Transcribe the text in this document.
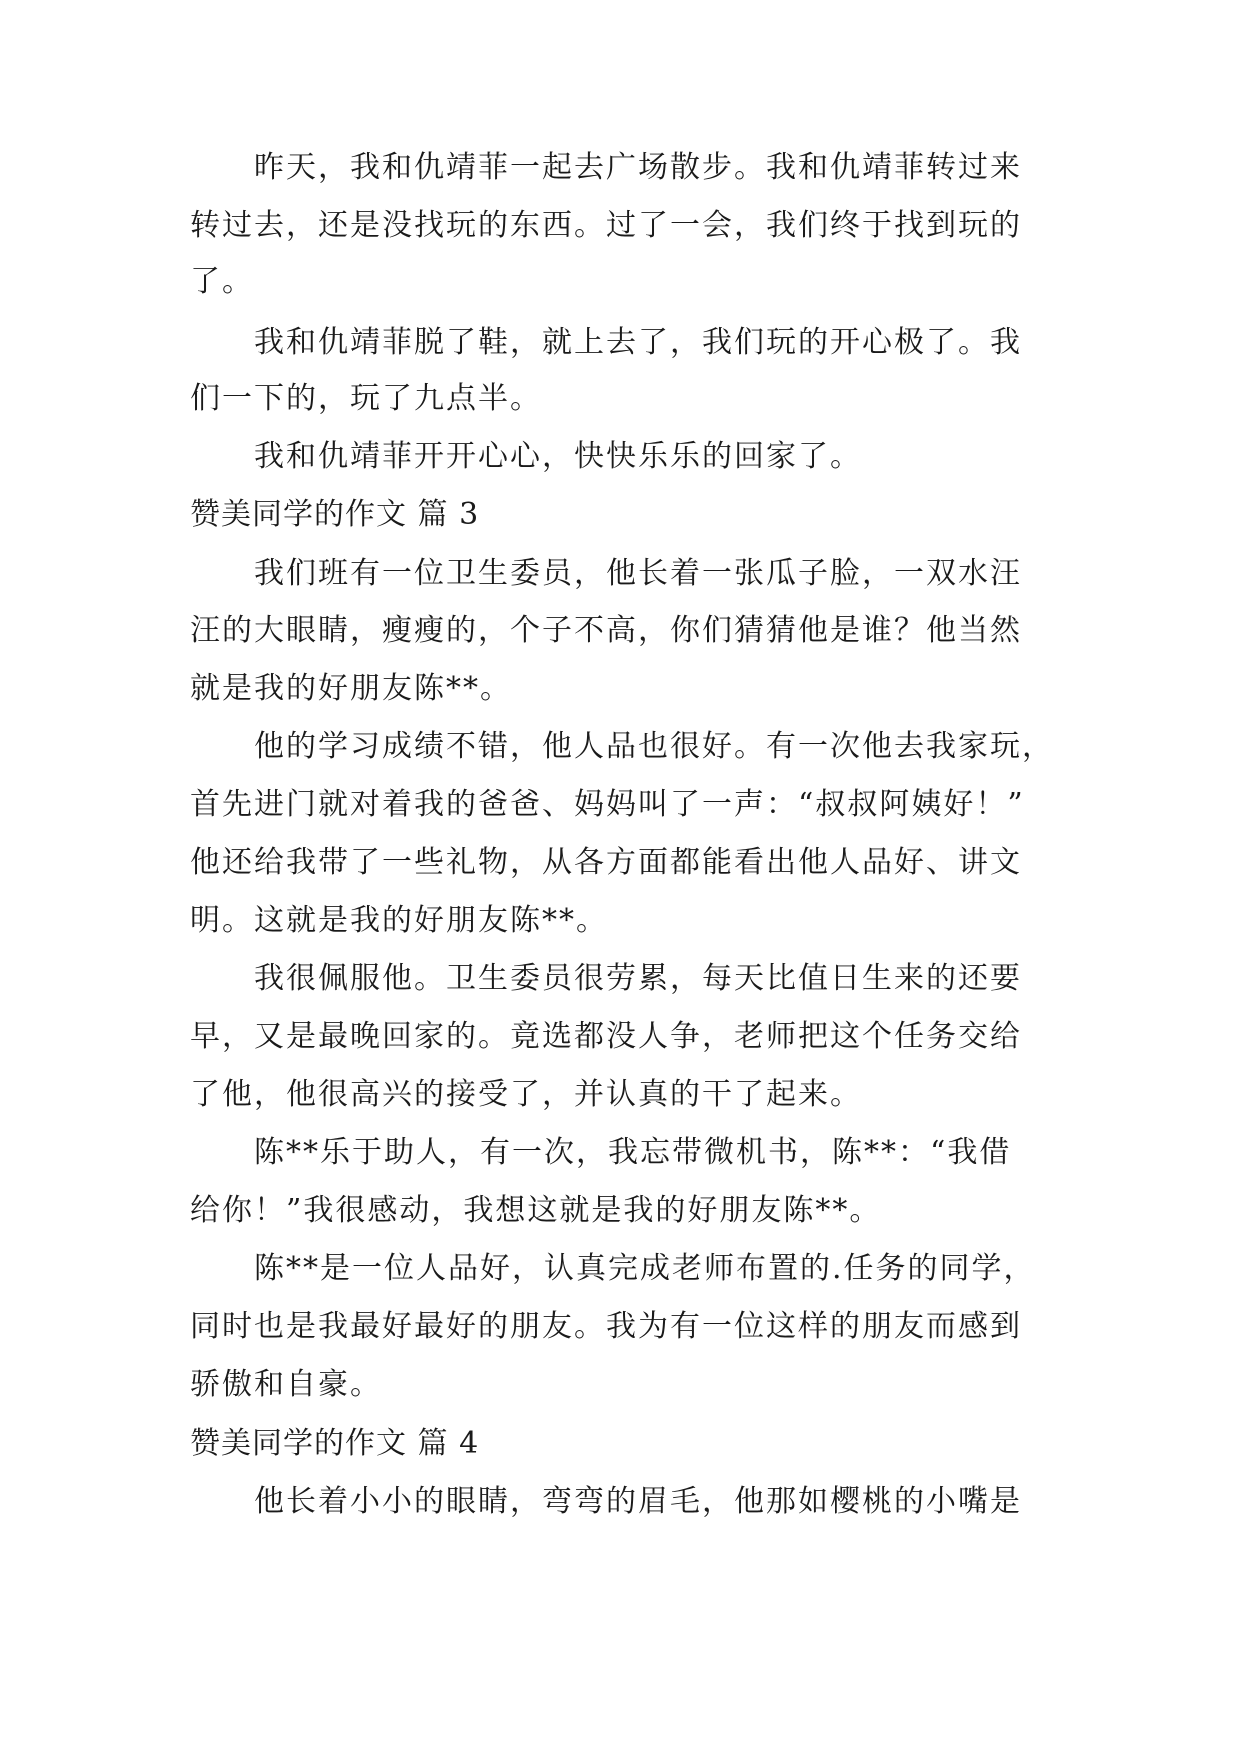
昨天，我和仇靖菲一起去广场散步。我和仇靖菲转过来
转过去，还是没找玩的东西。过了一会，我们终于找到玩的
了。
我和仇靖菲脱了鞋，就上去了，我们玩的开心极了。我
们一下的，玩了九点半。
我和仇靖菲开开心心，快快乐乐的回家了。
赞美同学的作文 篇 3
我们班有一位卫生委员，他长着一张瓜子脸，一双水汪
汪的大眼睛，瘦瘦的，个子不高，你们猜猜他是谁？他当然
就是我的好朋友陈**。
他的学习成绩不错，他人品也很好。有一次他去我家玩，
首先进门就对着我的爸爸、妈妈叫了一声：“叔叔阿姨好！”
他还给我带了一些礼物，从各方面都能看出他人品好、讲文
明。这就是我的好朋友陈**。
我很佩服他。卫生委员很劳累，每天比值日生来的还要
早，又是最晚回家的。竟选都没人争，老师把这个任务交给
了他，他很高兴的接受了，并认真的干了起来。
陈**乐于助人，有一次，我忘带微机书，陈**：“我借
给你！”我很感动，我想这就是我的好朋友陈**。
陈**是一位人品好，认真完成老师布置的.任务的同学，
同时也是我最好最好的朋友。我为有一位这样的朋友而感到
骄傲和自豪。
赞美同学的作文 篇 4
他长着小小的眼睛，弯弯的眉毛，他那如樱桃的小嘴是
